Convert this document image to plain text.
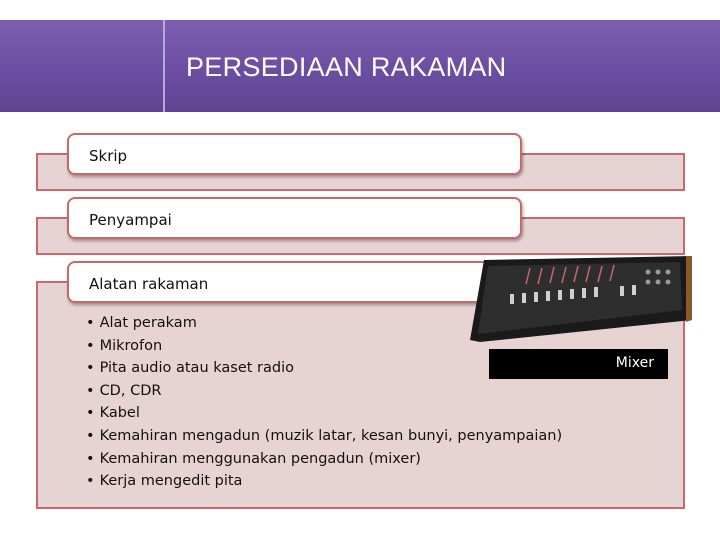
PERSEDIAAN RAKAMAN
Skrip
Penyampai
Alatan rakaman
Mixer
• Alat perakam
• Mikrofon
• Pita audio atau kaset radio
• CD, CDR
• Kabel
• Kemahiran mengadun (muzik latar, kesan bunyi, penyampaian)
• Kemahiran menggunakan pengadun (mixer)
• Kerja mengedit pita
